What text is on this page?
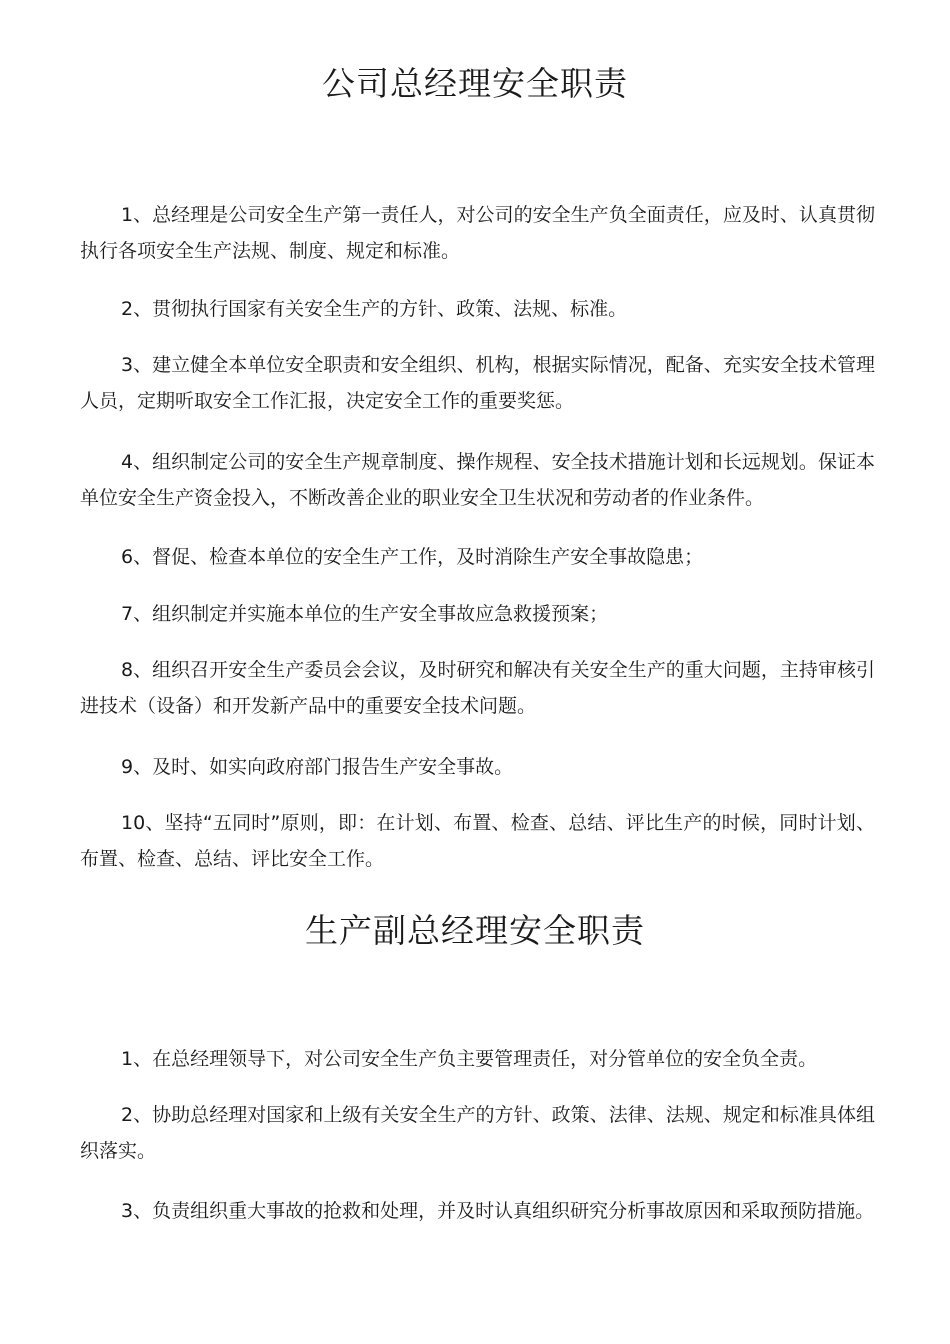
公司总经理安全职责

1、总经理是公司安全生产第一责任人，对公司的安全生产负全面责任，应及时、认真贯彻执行各项安全生产法规、制度、规定和标准。

2、贯彻执行国家有关安全生产的方针、政策、法规、标准。

3、建立健全本单位安全职责和安全组织、机构，根据实际情况，配备、充实安全技术管理人员，定期听取安全工作汇报，决定安全工作的重要奖惩。

4、组织制定公司的安全生产规章制度、操作规程、安全技术措施计划和长远规划。保证本单位安全生产资金投入，不断改善企业的职业安全卫生状况和劳动者的作业条件。

6、督促、检查本单位的安全生产工作，及时消除生产安全事故隐患；

7、组织制定并实施本单位的生产安全事故应急救援预案；

8、组织召开安全生产委员会会议，及时研究和解决有关安全生产的重大问题，主持审核引进技术（设备）和开发新产品中的重要安全技术问题。

9、及时、如实向政府部门报告生产安全事故。

10、坚持“五同时”原则，即：在计划、布置、检查、总结、评比生产的时候，同时计划、布置、检查、总结、评比安全工作。

生产副总经理安全职责

1、在总经理领导下，对公司安全生产负主要管理责任，对分管单位的安全负全责。

2、协助总经理对国家和上级有关安全生产的方针、政策、法律、法规、规定和标准具体组织落实。

3、负责组织重大事故的抢救和处理，并及时认真组织研究分析事故原因和采取预防措施。
